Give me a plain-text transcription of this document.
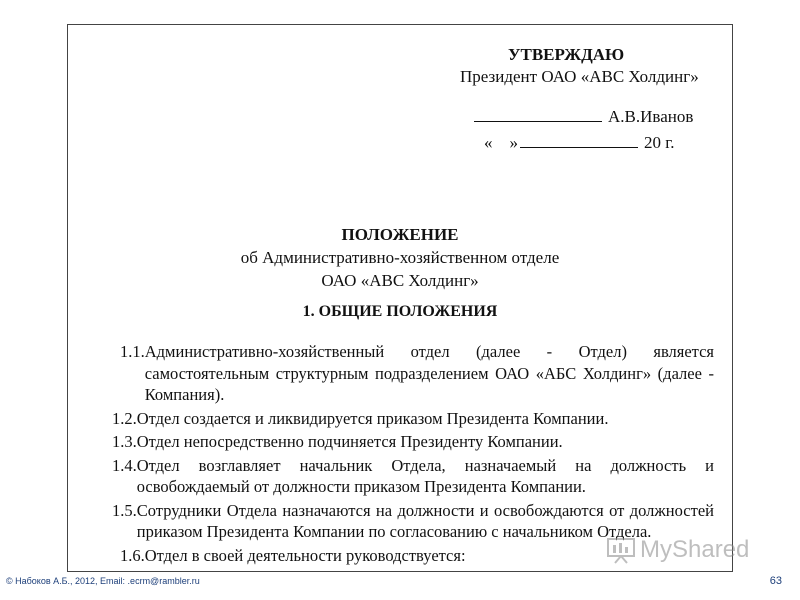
УТВЕРЖДАЮ
Президент ОАО «АВС Холдинг»
А.В.Иванов
« »	20 г.
ПОЛОЖЕНИЕ
об Административно-хозяйственном отделе
ОАО «АВС Холдинг»
1. ОБЩИЕ ПОЛОЖЕНИЯ
1.1. Административно-хозяйственный отдел (далее - Отдел) является самостоятельным структурным подразделением ОАО «АБС Холдинг» (далее - Компания).
1.2. Отдел создается и ликвидируется приказом Президента Компании.
1.3. Отдел непосредственно подчиняется Президенту Компании.
1.4. Отдел возглавляет начальник Отдела, назначаемый на должность и освобождаемый от должности приказом Президента Компании.
1.5. Сотрудники Отдела назначаются на должности и освобождаются от должностей приказом Президента Компании по согласованию с начальником Отдела.
1.6. Отдел в своей деятельности руководствуется:	MyShared
© Набоков А.Б., 2012, Email: .ecrm@rambler.ru	63
